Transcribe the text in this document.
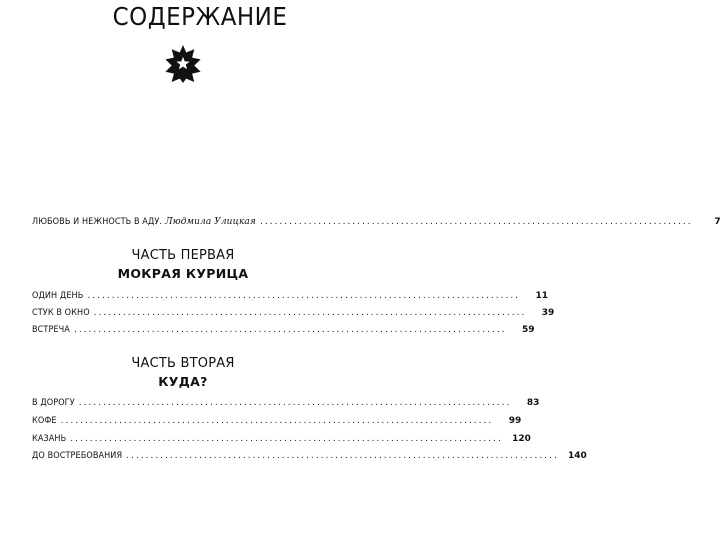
СОДЕРЖАНИЕ
ЛЮБОВЬ И НЕЖНОСТЬ В АДУ. Людмила Улицкая .........................................................................................	7
ЧАСТЬ ПЕРВАЯ
МОКРАЯ КУРИЦА
ОДИН ДЕНЬ .........................................................................................	11
СТУК В ОКНО .........................................................................................	39
ВСТРЕЧА .........................................................................................	59
ЧАСТЬ ВТОРАЯ
КУДА?
В ДОРОГУ .........................................................................................	83
КОФЕ .........................................................................................	99
КАЗАНЬ .........................................................................................	120
ДО ВОСТРЕБОВАНИЯ .........................................................................................	140
